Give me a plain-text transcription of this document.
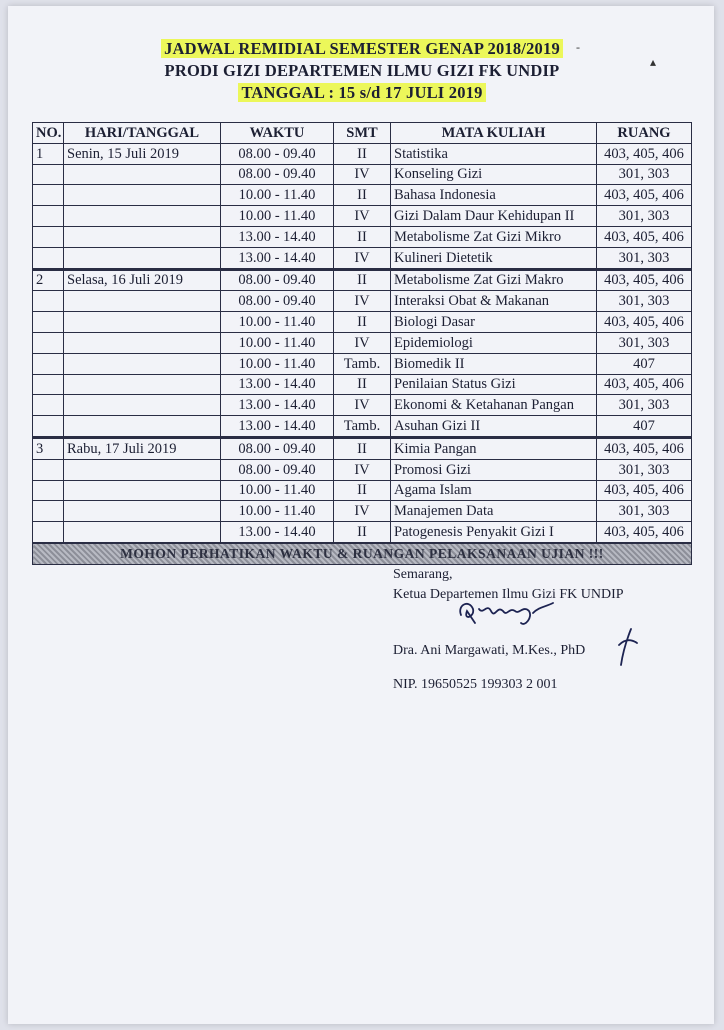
JADWAL REMIDIAL SEMESTER GENAP 2018/2019
PRODI GIZI DEPARTEMEN ILMU GIZI FK UNDIP
TANGGAL : 15 s/d 17 JULI 2019
-
▴
NO.	HARI/TANGGAL	WAKTU	SMT	MATA KULIAH	RUANG
1	Senin, 15 Juli 2019	08.00 - 09.40	II	Statistika	403, 405, 406
		08.00 - 09.40	IV	Konseling Gizi	301, 303
		10.00 - 11.40	II	Bahasa Indonesia	403, 405, 406
		10.00 - 11.40	IV	Gizi Dalam Daur Kehidupan II	301, 303
		13.00 - 14.40	II	Metabolisme Zat Gizi Mikro	403, 405, 406
		13.00 - 14.40	IV	Kulineri Dietetik	301, 303
2	Selasa, 16 Juli 2019	08.00 - 09.40	II	Metabolisme Zat Gizi Makro	403, 405, 406
		08.00 - 09.40	IV	Interaksi Obat & Makanan	301, 303
		10.00 - 11.40	II	Biologi Dasar	403, 405, 406
		10.00 - 11.40	IV	Epidemiologi	301, 303
		10.00 - 11.40	Tamb.	Biomedik II	407
		13.00 - 14.40	II	Penilaian Status Gizi	403, 405, 406
		13.00 - 14.40	IV	Ekonomi & Ketahanan Pangan	301, 303
		13.00 - 14.40	Tamb.	Asuhan Gizi II	407
3	Rabu, 17 Juli 2019	08.00 - 09.40	II	Kimia Pangan	403, 405, 406
		08.00 - 09.40	IV	Promosi Gizi	301, 303
		10.00 - 11.40	II	Agama Islam	403, 405, 406
		10.00 - 11.40	IV	Manajemen Data	301, 303
		13.00 - 14.40	II	Patogenesis Penyakit Gizi I	403, 405, 406
MOHON PERHATIKAN WAKTU & RUANGAN PELAKSANAAN UJIAN !!!					
Semarang,
Ketua Departemen Ilmu Gizi FK UNDIP
Dra. Ani Margawati, M.Kes., PhD
NIP. 19650525 199303 2 001
